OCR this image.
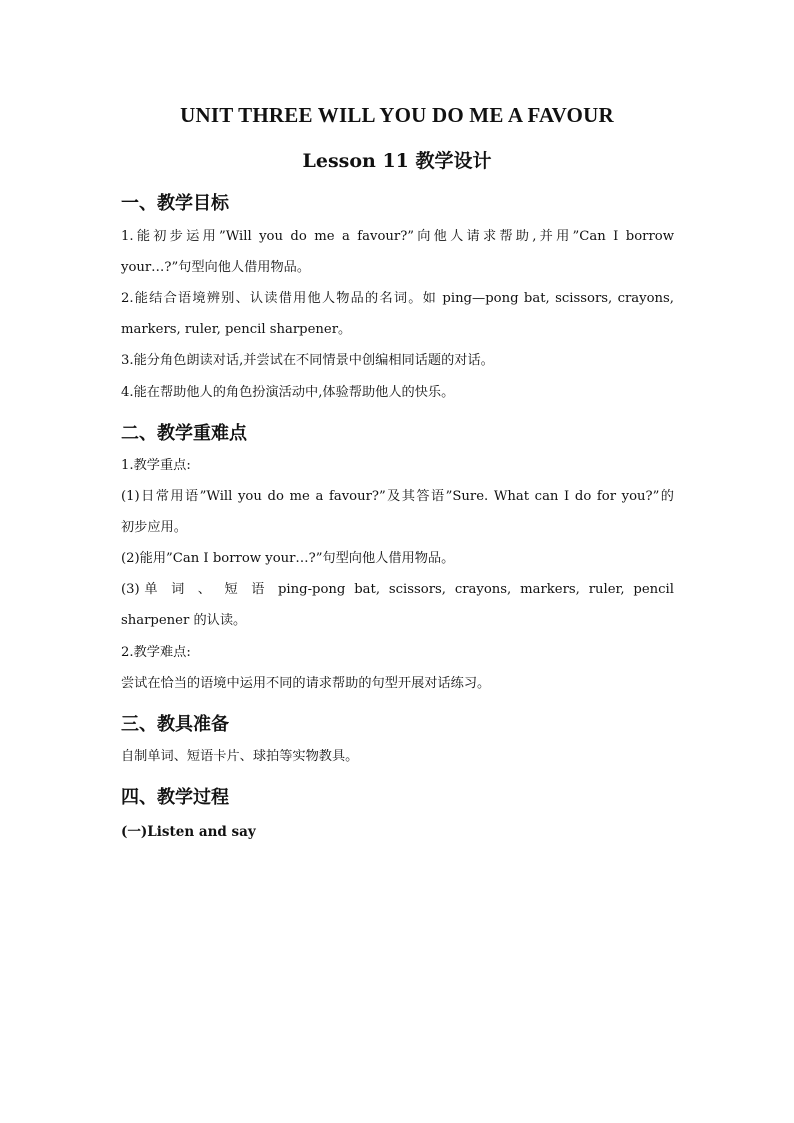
UNIT THREE WILL YOU DO ME A FAVOUR
Lesson 11 教学设计
一、教学目标
1.能初步运用”Will you do me a favour?”向他人请求帮助,并用”Can I borrow
your…?”句型向他人借用物品。
2.能结合语境辨别、认读借用他人物品的名词。如 ping—pong bat, scissors, crayons,
markers, ruler, pencil sharpener。
3.能分角色朗读对话,并尝试在不同情景中创编相同话题的对话。
4.能在帮助他人的角色扮演活动中,体验帮助他人的快乐。
二、教学重难点
1.教学重点:
(1)日常用语”Will you do me a favour?”及其答语”Sure. What can I do for you?”的
初步应用。
(2)能用”Can I borrow your…?”句型向他人借用物品。
(3)单 词 、 短 语 ping-pong bat, scissors, crayons, markers, ruler, pencil
sharpener 的认读。
2.教学难点:
尝试在恰当的语境中运用不同的请求帮助的句型开展对话练习。
三、教具准备
自制单词、短语卡片、球拍等实物教具。
四、教学过程
(一)Listen and say
